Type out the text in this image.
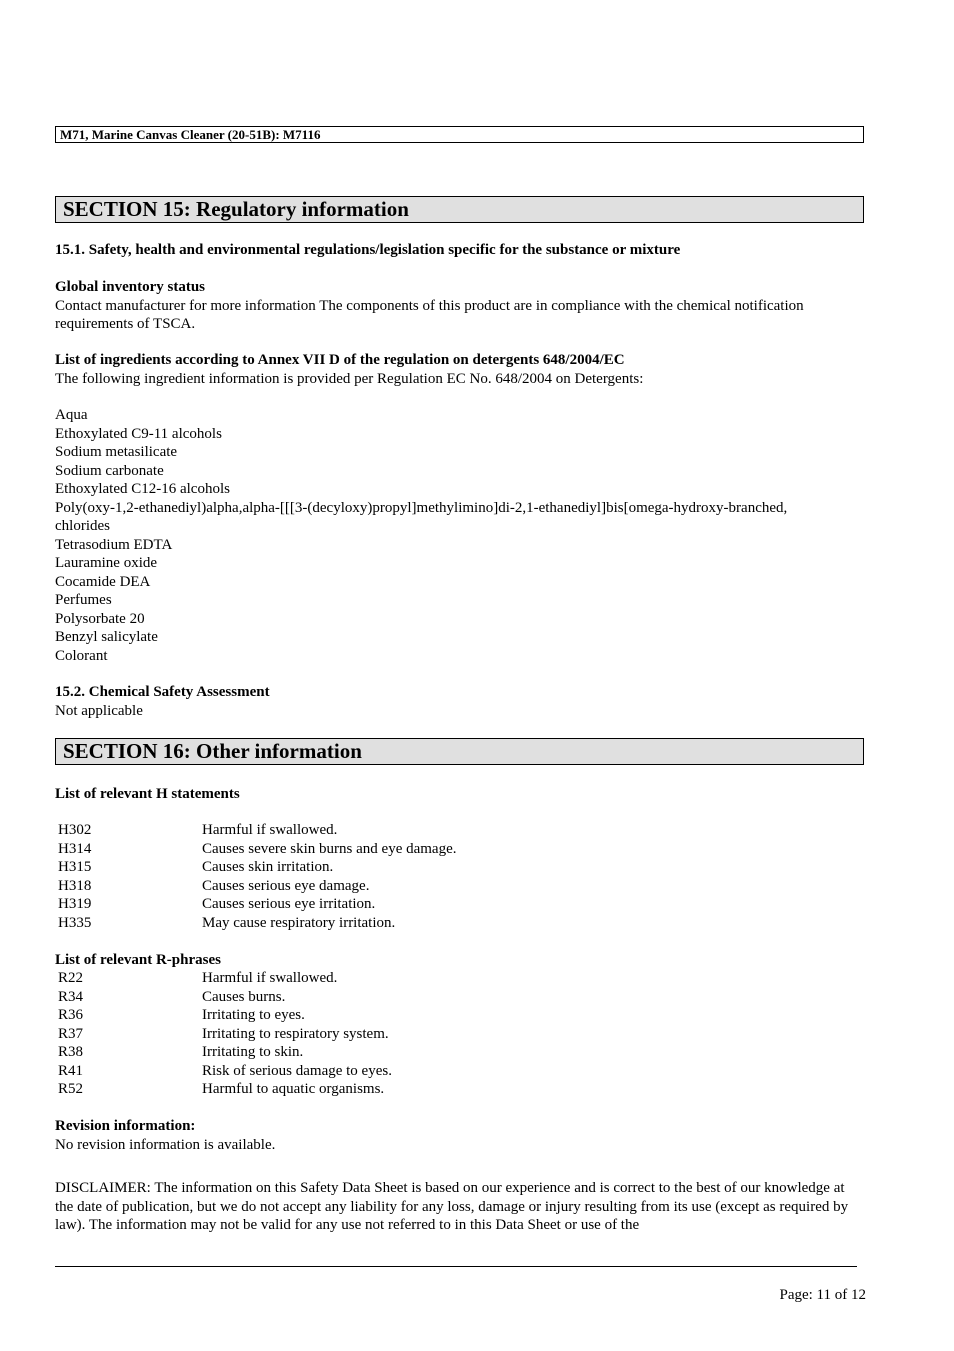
M71, Marine Canvas Cleaner (20-51B): M7116
SECTION 15: Regulatory information
15.1. Safety, health and environmental regulations/legislation specific for the substance or mixture
Global inventory status
Contact manufacturer for more information The components of this product are in compliance with the chemical notification requirements of TSCA.
List of ingredients according to Annex VII D of the regulation on detergents 648/2004/EC
The following ingredient information is provided per Regulation EC No. 648/2004 on Detergents:
Aqua
Ethoxylated C9-11 alcohols
Sodium metasilicate
Sodium carbonate
Ethoxylated C12-16 alcohols
Poly(oxy-1,2-ethanediyl)alpha,alpha-[[[3-(decyloxy)propyl]methylimino]di-2,1-ethanediyl]bis[omega-hydroxy-branched,
chlorides
Tetrasodium EDTA
Lauramine oxide
Cocamide DEA
Perfumes
Polysorbate 20
Benzyl salicylate
Colorant
15.2. Chemical Safety Assessment
Not applicable
SECTION 16: Other information
List of relevant H statements
H302	Harmful if swallowed.
H314	Causes severe skin burns and eye damage.
H315	Causes skin irritation.
H318	Causes serious eye damage.
H319	Causes serious eye irritation.
H335	May cause respiratory irritation.
List of relevant R-phrases
R22	Harmful if swallowed.
R34	Causes burns.
R36	Irritating to eyes.
R37	Irritating to respiratory system.
R38	Irritating to skin.
R41	Risk of serious damage to eyes.
R52	Harmful to aquatic organisms.
Revision information:
No revision information is available.
DISCLAIMER: The information on this Safety Data Sheet is based on our experience and is correct to the best of our knowledge at the date of publication, but we do not accept any liability for any loss, damage or injury resulting from its use (except as required by law). The information may not be valid for any use not referred to in this Data Sheet or use of the
Page: 11 of 12
